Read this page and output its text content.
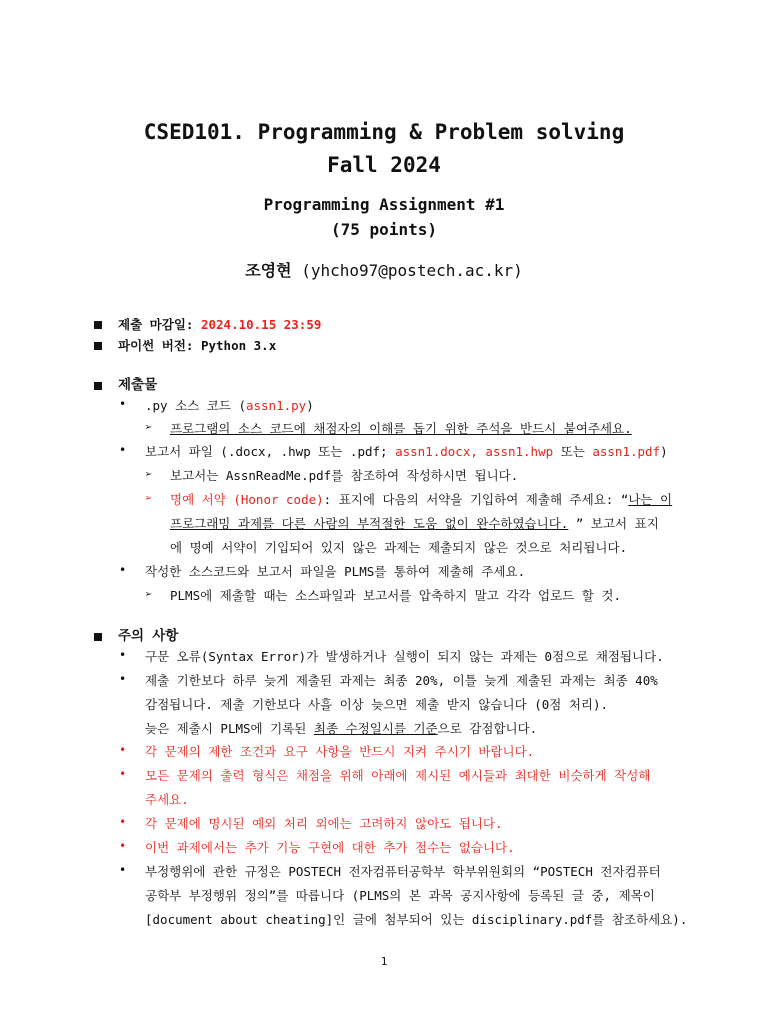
CSED101. Programming & Problem solving
Fall 2024
Programming Assignment #1
(75 points)
조영현 (yhcho97@postech.ac.kr)
제출 마감일: 2024.10.15 23:59
파이썬 버전: Python 3.x
제출물
• .py 소스 코드 (assn1.py)
➢ 프로그램의 소스 코드에 채점자의 이해를 돕기 위한 주석을 반드시 붙여주세요.
• 보고서 파일 (.docx, .hwp 또는 .pdf; assn1.docx, assn1.hwp 또는 assn1.pdf)
➢ 보고서는 AssnReadMe.pdf를 참조하여 작성하시면 됩니다.
➢ 명예 서약 (Honor code): 표지에 다음의 서약을 기입하여 제출해 주세요: “나는 이
프로그래밍 과제를 다른 사람의 부적절한 도움 없이 완수하였습니다. ” 보고서 표지
에 명예 서약이 기입되어 있지 않은 과제는 제출되지 않은 것으로 처리됩니다.
• 작성한 소스코드와 보고서 파일을 PLMS를 통하여 제출해 주세요.
➢ PLMS에 제출할 때는 소스파일과 보고서를 압축하지 말고 각각 업로드 할 것.
주의 사항
• 구문 오류(Syntax Error)가 발생하거나 실행이 되지 않는 과제는 0점으로 채점됩니다.
• 제출 기한보다 하루 늦게 제출된 과제는 최종 20%, 이틀 늦게 제출된 과제는 최종 40%
감점됩니다. 제출 기한보다 사흘 이상 늦으면 제출 받지 않습니다 (0점 처리).
늦은 제출시 PLMS에 기록된 최종 수정일시를 기준으로 감점합니다.
• 각 문제의 제한 조건과 요구 사항을 반드시 지켜 주시기 바랍니다.
• 모든 문제의 출력 형식은 채점을 위해 아래에 제시된 예시들과 최대한 비슷하게 작성해
주세요.
• 각 문제에 명시된 예외 처리 외에는 고려하지 않아도 됩니다.
• 이번 과제에서는 추가 기능 구현에 대한 추가 점수는 없습니다.
• 부정행위에 관한 규정은 POSTECH 전자컴퓨터공학부 학부위원회의 “POSTECH 전자컴퓨터
공학부 부정행위 정의”를 따릅니다 (PLMS의 본 과목 공지사항에 등록된 글 중, 제목이
[document about cheating]인 글에 첨부되어 있는 disciplinary.pdf를 참조하세요).
1
